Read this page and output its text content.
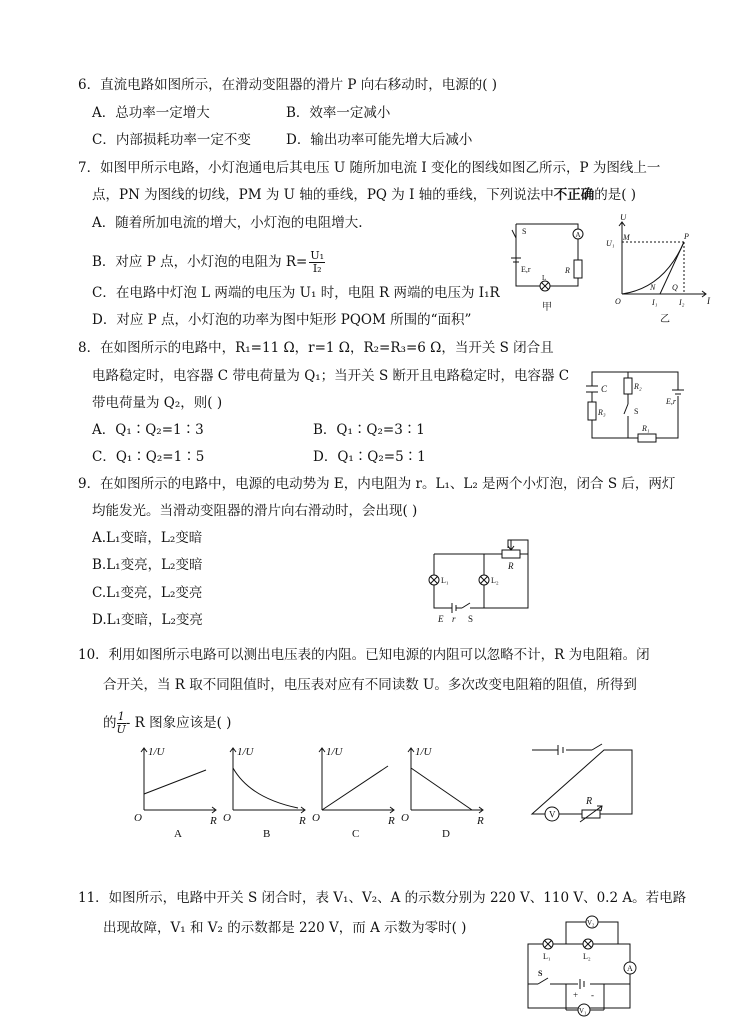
6．直流电路如图所示，在滑动变阻器的滑片 P 向右移动时，电源的( )
A．总功率一定增大	B．效率一定减小
C．内部损耗功率一定不变	D．输出功率可能先增大后减小
7．如图甲所示电路，小灯泡通电后其电压 U 随所加电流 I 变化的图线如图乙所示，P 为图线上一
点，PN 为图线的切线，PM 为 U 轴的垂线，PQ 为 I 轴的垂线，下列说法中不正确的是( )
A．随着所加电流的增大，小灯泡的电阻增大.
B．对应 P 点，小灯泡的电阻为 $R= \frac{\text{U₁}}{\text{I₂}}$
C．在电路中灯泡 L 两端的电压为 U₁ 时，电阻 R 两端的电压为 I₁R
D．对应 P 点，小灯泡的功率为图中矩形 PQOM 所围的“面积”
S	A
E,r	R
L
甲
U
U₁
M	P
O
N
I₁
Q
I₂	I
乙
8．在如图所示的电路中，R₁=11 Ω，r=1 Ω，R₂=R₃=6 Ω，当开关 S 闭合且
电路稳定时，电容器 C 带电荷量为 Q₁；当开关 S 断开且电路稳定时，电容器 C
带电荷量为 Q₂，则( )
A．Q₁∶Q₂=1∶3	B．Q₁∶Q₂=3∶1
C．Q₁∶Q₂=1∶5	D．Q₁∶Q₂=5∶1
C	R₂
E,r
R₃	S
R₁
9．在如图所示的电路中，电源的电动势为 E，内电阻为 r。L₁、L₂ 是两个小灯泡，闭合 S 后，两灯
均能发光。当滑动变阻器的滑片向右滑动时，会出现( )
A.L₁变暗，L₂变暗
B.L₁变亮，L₂变暗
C.L₁变亮，L₂变亮
D.L₁变暗，L₂变亮
R
L₁	L₂
E r S
10．利用如图所示电路可以测出电压表的内阻。已知电源的内阻可以忽略不计，R 为电阻箱。闭
合开关，当 R 取不同阻值时，电压表对应有不同读数 U。多次改变电阻箱的阻值，所得到
的 $\frac{1}{U}$ - R 图象应该是( )
1/U
O	R
1/U
O	R
1/U
O	R
1/U
O	R
A	B	C	D
V
R
11．如图所示，电路中开关 S 闭合时，表 V₁、V₂、A 的示数分别为 220 V、110 V、0.2 A。若电路
出现故障，V₁ 和 V₂ 的示数都是 220 V，而 A 示数为零时( )	V₂
L₁	L₂
A
S
+ -
V₁
